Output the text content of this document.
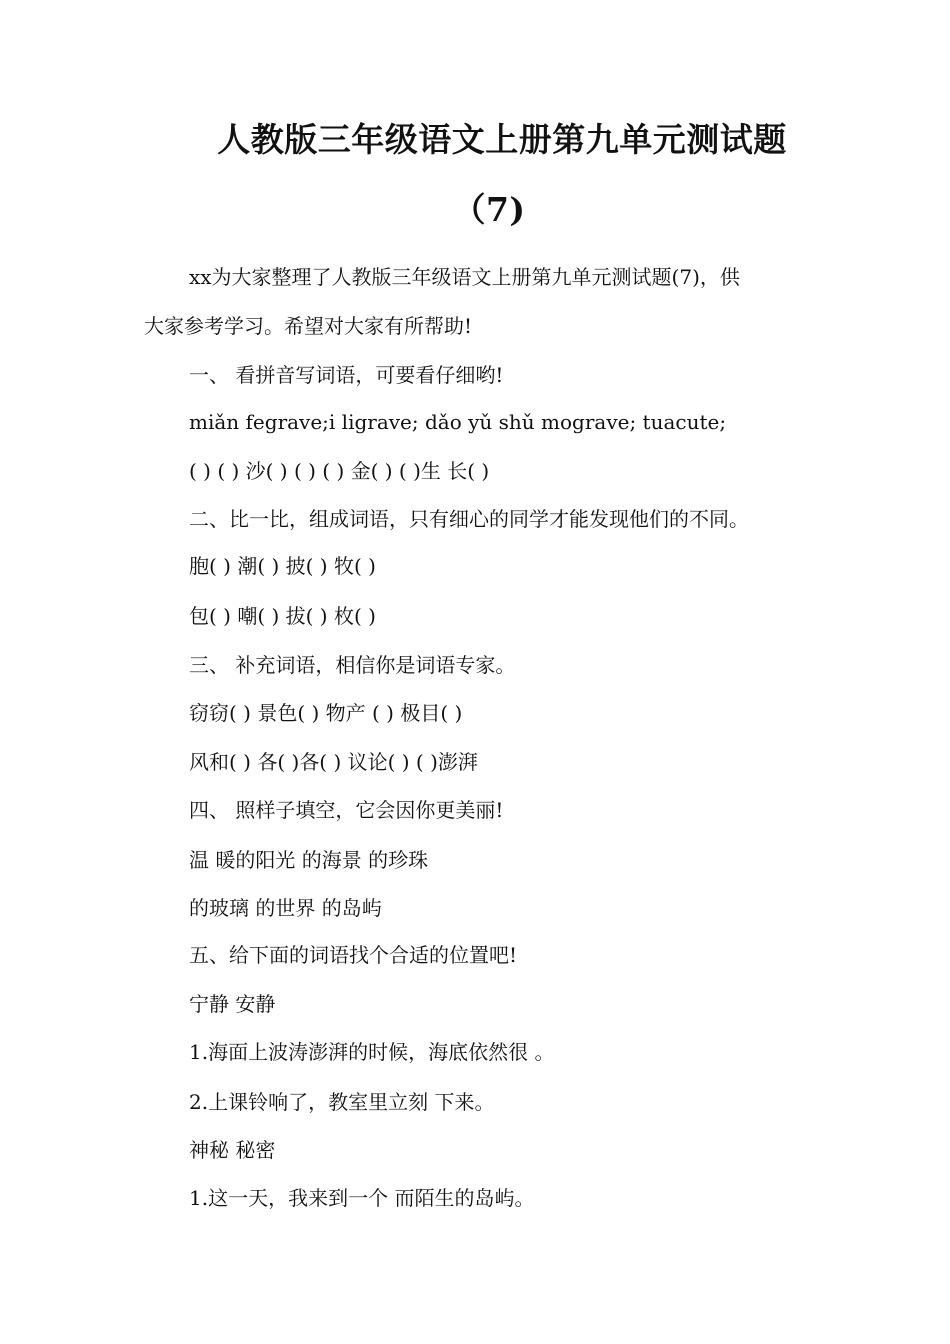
人教版三年级语文上册第九单元测试题
（7)
xx为大家整理了人教版三年级语文上册第九单元测试题(7)，供
大家参考学习。希望对大家有所帮助!
一、 看拼音写词语，可要看仔细哟!
miǎn fegrave;i ligrave; dǎo yǔ shǔ mograve; tuacute;
( ) ( ) 沙( ) ( ) ( ) 金( ) ( )生 长( )
二、比一比，组成词语，只有细心的同学才能发现他们的不同。
胞( ) 潮( ) 披( ) 牧( )
包( ) 嘲( ) 拔( ) 枚( )
三、 补充词语，相信你是词语专家。
窃窃( ) 景色( ) 物产 ( ) 极目( )
风和( ) 各( )各( ) 议论( ) ( )澎湃
四、 照样子填空，它会因你更美丽!
温 暖的阳光 的海景 的珍珠
的玻璃 的世界 的岛屿
五、给下面的词语找个合适的位置吧!
宁静 安静
1.海面上波涛澎湃的时候，海底依然很 。
2.上课铃响了，教室里立刻 下来。
神秘 秘密
1.这一天，我来到一个 而陌生的岛屿。
